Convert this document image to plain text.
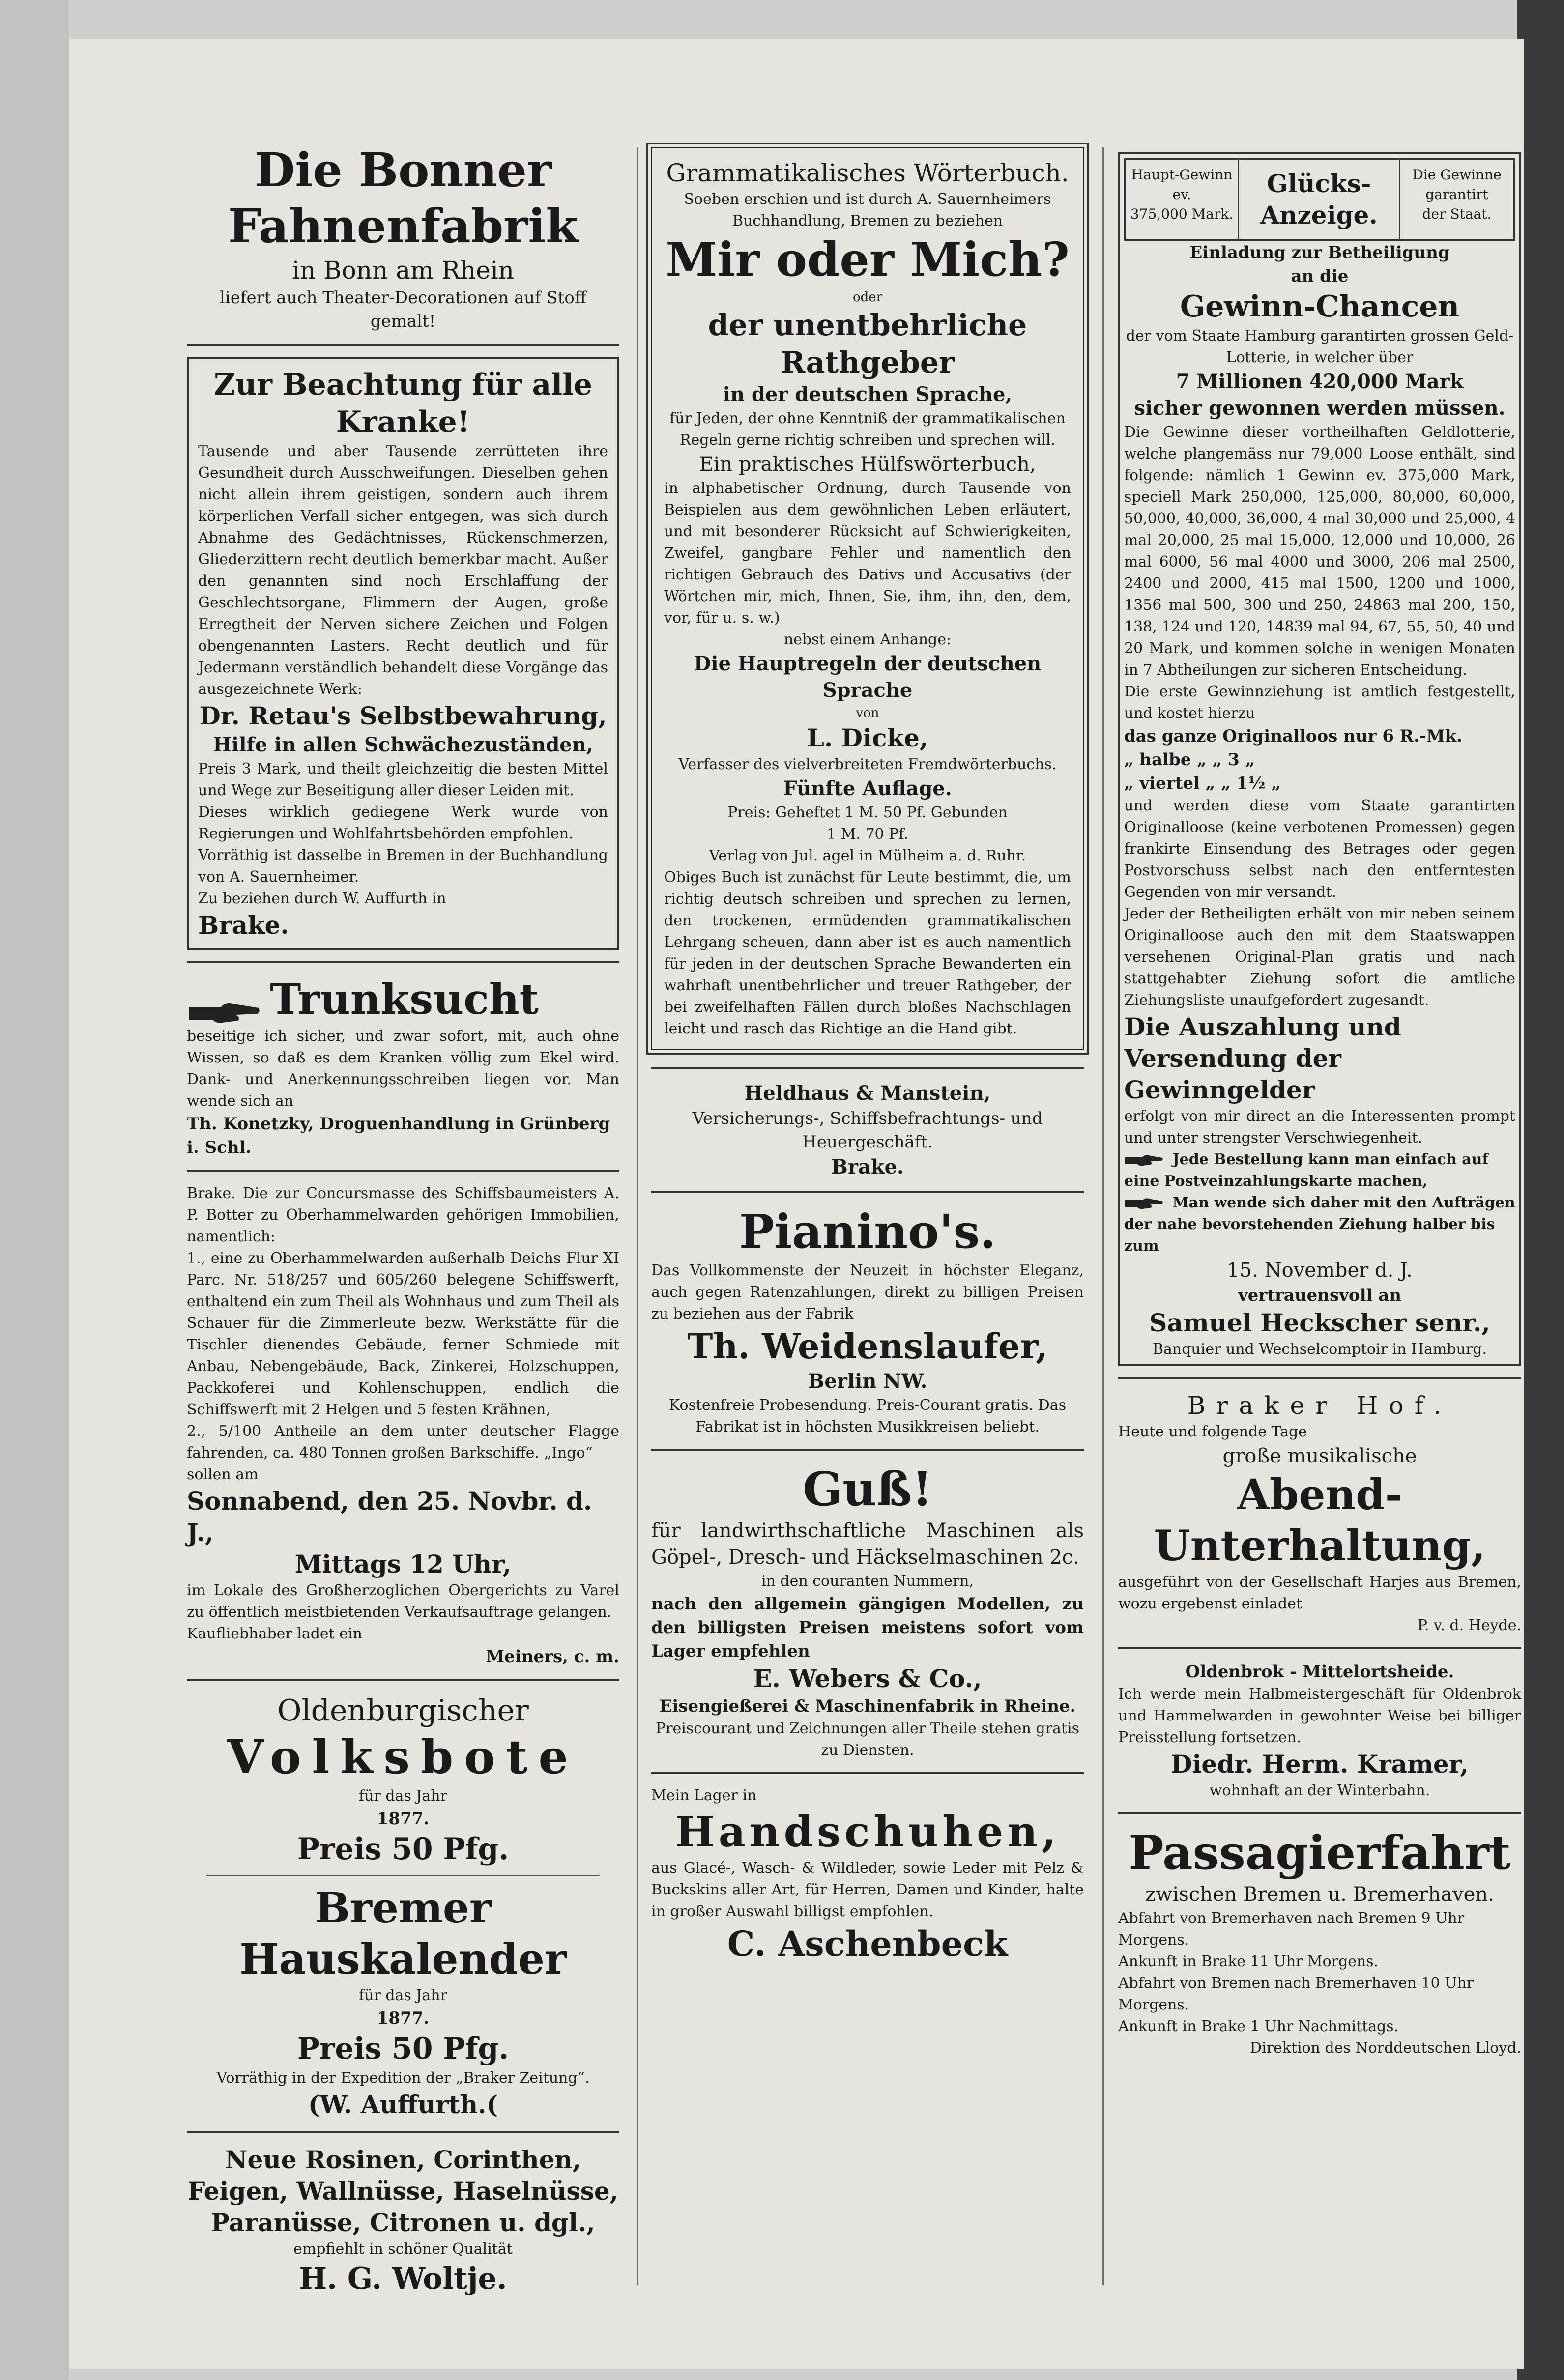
Die Bonner Fahnenfabrik
in Bonn am Rhein
liefert auch Theater-Decorationen auf Stoff gemalt!
Zur Beachtung für alle Kranke!
Tausende und aber Tausende zerrütteten ihre Gesundheit durch Ausschweifungen. Dieselben gehen nicht allein ihrem geistigen, sondern auch ihrem körperlichen Verfall sicher entgegen, was sich durch Abnahme des Gedächtnisses, Rückenschmerzen, Gliederzittern recht deutlich bemerkbar macht. Außer den genannten sind noch Erschlaffung der Geschlechtsorgane, Flimmern der Augen, große Erregtheit der Nerven sichere Zeichen und Folgen obengenannten Lasters. Recht deutlich und für Jedermann verständlich behandelt diese Vorgänge das ausgezeichnete Werk:
Dr. Retau's Selbstbewahrung,
Hilfe in allen Schwächezuständen,
Preis 3 Mark, und theilt gleichzeitig die besten Mittel und Wege zur Beseitigung aller dieser Leiden mit.
Dieses wirklich gediegene Werk wurde von Regierungen und Wohlfahrtsbehörden empfohlen.
Vorräthig ist dasselbe in Bremen in der Buchhandlung von A. Sauernheimer.
Zu beziehen durch W. Auffurth in
Brake.
Trunksucht
beseitige ich sicher, und zwar sofort, mit, auch ohne Wissen, so daß es dem Kranken völlig zum Ekel wird. Dank- und Anerkennungsschreiben liegen vor. Man wende sich an
Th. Konetzky, Droguenhandlung in Grünberg i. Schl.
Brake. Die zur Concursmasse des Schiffsbaumeisters A. P. Botter zu Oberhammelwarden gehörigen Immobilien, namentlich:
1., eine zu Oberhammelwarden außerhalb Deichs Flur XI Parc. Nr. 518/257 und 605/260 belegene Schiffswerft, enthaltend ein zum Theil als Wohnhaus und zum Theil als Schauer für die Zimmerleute bezw. Werkstätte für die Tischler dienendes Gebäude, ferner Schmiede mit Anbau, Nebengebäude, Back, Zinkerei, Holzschuppen, Packkoferei und Kohlenschuppen, endlich die Schiffswerft mit 2 Helgen und 5 festen Krähnen,
2., 5/100 Antheile an dem unter deutscher Flagge fahrenden, ca. 480 Tonnen großen Barkschiffe. „Ingo“
sollen am
Sonnabend, den 25. Novbr. d. J.,
Mittags 12 Uhr,
im Lokale des Großherzoglichen Obergerichts zu Varel zu öffentlich meistbietenden Verkaufsauftrage gelangen.
Kaufliebhaber ladet ein
Meiners, c. m.
Oldenburgischer
Volksbote
für das Jahr
1877.
Preis 50 Pfg.
Bremer Hauskalender
für das Jahr
1877.
Preis 50 Pfg.
Vorräthig in der Expedition der „Braker Zeitung“.
(W. Auffurth.(
Neue Rosinen, Corinthen,
Feigen, Wallnüsse, Haselnüsse,
Paranüsse, Citronen u. dgl.,
empfiehlt in schöner Qualität
H. G. Woltje.
Grammatikalisches Wörterbuch.
Soeben erschien und ist durch A. Sauernheimers Buchhandlung, Bremen zu beziehen
Mir oder Mich?
oder
der unentbehrliche Rathgeber
in der deutschen Sprache,
für Jeden, der ohne Kenntniß der grammatikalischen Regeln gerne richtig schreiben und sprechen will.
Ein praktisches Hülfswörterbuch,
in alphabetischer Ordnung, durch Tausende von Beispielen aus dem gewöhnlichen Leben erläutert, und mit besonderer Rücksicht auf Schwierigkeiten, Zweifel, gangbare Fehler und namentlich den richtigen Gebrauch des Dativs und Accusativs (der Wörtchen mir, mich, Ihnen, Sie, ihm, ihn, den, dem, vor, für u. s. w.)
nebst einem Anhange:
Die Hauptregeln der deutschen
Sprache
von
L. Dicke,
Verfasser des vielverbreiteten Fremdwörterbuchs.
Fünfte Auflage.
Preis: Geheftet 1 M. 50 Pf. Gebunden
1 M. 70 Pf.
Verlag von Jul. agel in Mülheim a. d. Ruhr.
Obiges Buch ist zunächst für Leute bestimmt, die, um richtig deutsch schreiben und sprechen zu lernen, den trockenen, ermüdenden grammatikalischen Lehrgang scheuen, dann aber ist es auch namentlich für jeden in der deutschen Sprache Bewanderten ein wahrhaft unentbehrlicher und treuer Rathgeber, der bei zweifelhaften Fällen durch bloßes Nachschlagen leicht und rasch das Richtige an die Hand gibt.
Heldhaus & Manstein,
Versicherungs-, Schiffsbefrachtungs- und Heuergeschäft.
Brake.
Pianino's.
Das Vollkommenste der Neuzeit in höchster Eleganz, auch gegen Ratenzahlungen, direkt zu billigen Preisen zu beziehen aus der Fabrik
Th. Weidenslaufer,
Berlin NW.
Kostenfreie Probesendung. Preis-Courant gratis. Das Fabrikat ist in höchsten Musikkreisen beliebt.
Guß!
für landwirthschaftliche Maschinen als Göpel-, Dresch- und Häckselmaschinen 2c.
in den couranten Nummern,
nach den allgemein gängigen Modellen, zu den billigsten Preisen meistens sofort vom Lager empfehlen
E. Webers & Co.,
Eisengießerei & Maschinenfabrik in Rheine.
Preiscourant und Zeichnungen aller Theile stehen gratis zu Diensten.
Mein Lager in
Handschuhen,
aus Glacé-, Wasch- & Wildleder, sowie Leder mit Pelz & Buckskins aller Art, für Herren, Damen und Kinder, halte in großer Auswahl billigst empfohlen.
C. Aschenbeck
Haupt-Gewinn
ev.
375,000 Mark.
Glücks-
Anzeige.
Die Gewinne
garantirt
der Staat.
Einladung zur Betheiligung
an die
Gewinn-Chancen
der vom Staate Hamburg garantirten grossen Geld-Lotterie, in welcher über
7 Millionen 420,000 Mark
sicher gewonnen werden müssen.
Die Gewinne dieser vortheilhaften Geldlotterie, welche plangemäss nur 79,000 Loose enthält, sind folgende: nämlich 1 Gewinn ev. 375,000 Mark, speciell Mark 250,000, 125,000, 80,000, 60,000, 50,000, 40,000, 36,000, 4 mal 30,000 und 25,000, 4 mal 20,000, 25 mal 15,000, 12,000 und 10,000, 26 mal 6000, 56 mal 4000 und 3000, 206 mal 2500, 2400 und 2000, 415 mal 1500, 1200 und 1000, 1356 mal 500, 300 und 250, 24863 mal 200, 150, 138, 124 und 120, 14839 mal 94, 67, 55, 50, 40 und 20 Mark, und kommen solche in wenigen Monaten in 7 Abtheilungen zur sicheren Entscheidung.
Die erste Gewinnziehung ist amtlich festgestellt, und kostet hierzu
das ganze Originalloos nur 6 R.-Mk.
„ halbe „ „ 3 „
„ viertel „ „ 1½ „
und werden diese vom Staate garantirten Originalloose (keine verbotenen Promessen) gegen frankirte Einsendung des Betrages oder gegen Postvorschuss selbst nach den entferntesten Gegenden von mir versandt.
Jeder der Betheiligten erhält von mir neben seinem Originalloose auch den mit dem Staatswappen versehenen Original-Plan gratis und nach stattgehabter Ziehung sofort die amtliche Ziehungsliste unaufgefordert zugesandt.
Die Auszahlung und Versendung der Gewinngelder
erfolgt von mir direct an die Interessenten prompt und unter strengster Verschwiegenheit.
Jede Bestellung kann man einfach auf eine Postveinzahlungskarte machen,
Man wende sich daher mit den Aufträgen der nahe bevorstehenden Ziehung halber bis zum
15. November d. J.
vertrauensvoll an
Samuel Heckscher senr.,
Banquier und Wechselcomptoir in Hamburg.
Braker Hof.
Heute und folgende Tage
große musikalische
Abend-Unterhaltung,
ausgeführt von der Gesellschaft Harjes aus Bremen, wozu ergebenst einladet
P. v. d. Heyde.
Oldenbrok - Mittelortsheide.
Ich werde mein Halbmeistergeschäft für Oldenbrok und Hammelwarden in gewohnter Weise bei billiger Preisstellung fortsetzen.
Diedr. Herm. Kramer,
wohnhaft an der Winterbahn.
Passagierfahrt
zwischen Bremen u. Bremerhaven.
Abfahrt von Bremerhaven nach Bremen 9 Uhr Morgens.
Ankunft in Brake 11 Uhr Morgens.
Abfahrt von Bremen nach Bremerhaven 10 Uhr Morgens.
Ankunft in Brake 1 Uhr Nachmittags.
Direktion des Norddeutschen Lloyd.
